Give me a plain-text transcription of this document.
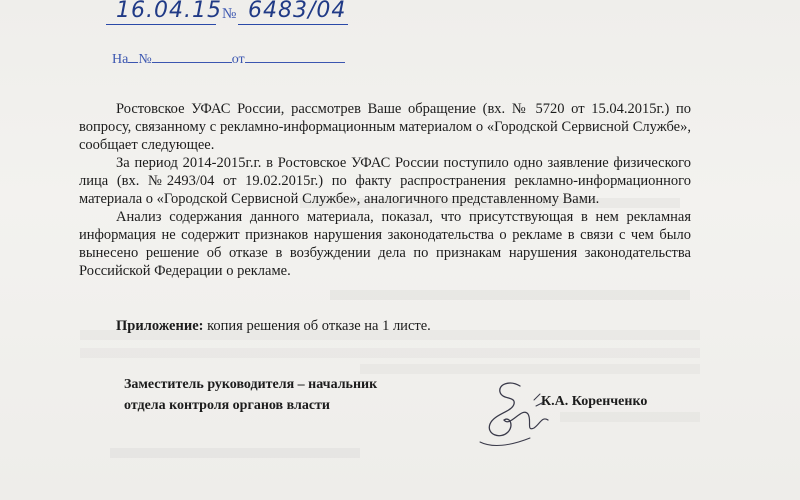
16.04.15 № 6483/04
На №	от

Ростовское УФАС России, рассмотрев Ваше обращение (вх. № 5720 от 15.04.2015г.) по вопросу, связанному с рекламно-информационным материалом о «Городской Сервисной Службе», сообщает следующее.

За период 2014-2015г.г. в Ростовское УФАС России поступило одно заявление физического лица (вх. №2493/04 от 19.02.2015г.) по факту распространения рекламно-информационного материала о «Городской Сервисной Службе», аналогичного представленному Вами.

Анализ содержания данного материала, показал, что присутствующая в нем рекламная информация не содержит признаков нарушения законодательства о рекламе в связи с чем было вынесено решение об отказе в возбуждении дела по признакам нарушения законодательства Российской Федерации о рекламе.

Приложение: копия решения об отказе на 1 листе.
Заместитель руководителя – начальник
отдела контроля органов власти	К.А. Коренченко
